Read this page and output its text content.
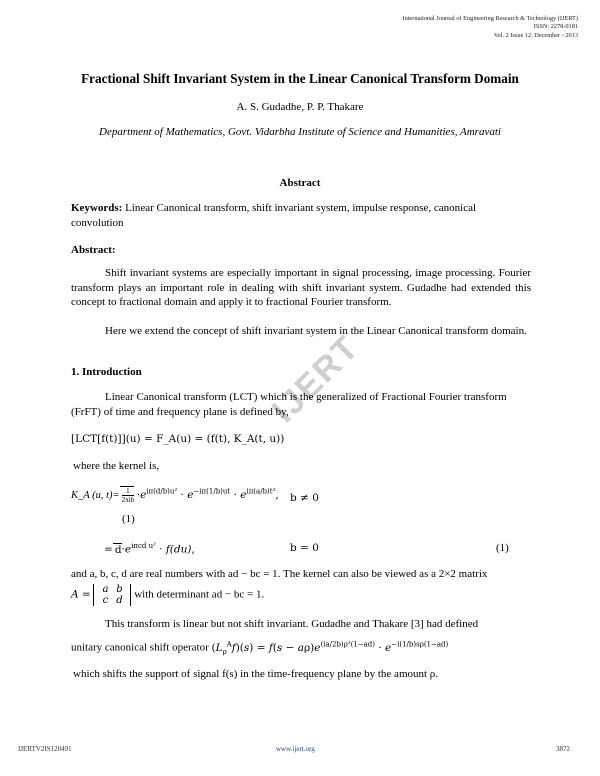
International Journal of Engineering Research & Technology (IJERT)
ISSN: 2278-0181
Vol. 2 Issue 12, December - 2013
IJERT
Fractional Shift Invariant System in the Linear Canonical Transform Domain
A. S. Gudadhe, P. P. Thakare
Department of Mathematics, Govt. Vidarbha Institute of Science and Humanities, Amravati
Abstract
Keywords: Linear Canonical transform, shift invariant system, impulse response, canonical convolution
Abstract:
Shift invariant systems are especially important in signal processing, image processing. Fourier transform plays an important role in dealing with shift invariant system. Gudadhe had extended this concept to fractional domain and apply it to fractional Fourier transform.
Here we extend the concept of shift invariant system in the Linear Canonical transform domain.
1. Introduction
Linear Canonical transform (LCT) which is the generalized of Fractional Fourier transform (FrFT) of time and frequency plane is defined by,
[LCT[f(t)]](u) = F_A(u) = (f(t), K_A(t, u))
where the kernel is,
K_A (u, $t)= \frac{1}{\text{2πib}} \cdot e^{i\pi(d/b)u^2} \cdot e^{-i\pi(1/b)ut} \cdot e^{i\pi(a/b)t^2}$, b ≠ 0
(1)
= $d\cdot e^{i\pi cd u^2} \cdot f(du)$,	b = 0	(1)
and a, b, c, d are real numbers with ad − bc = 1. The kernel can also be viewed as a 2×2 matrix
A = a b
c d with determinant ad − bc = 1.
This transform is linear but not shift invariant. Gudadhe and Thakare [3] had defined
unitary canonical shift operator $(L_\rho^Af)(s) = f(s - a\rho)e^{(ia/2b)\rho^2(1-ad)} \cdot e^{-i(1/b)s\rho(1-ad)}$
which shifts the support of signal f(s) in the time-frequency plane by the amount ρ.
IJERTV2IS120491	www.ijert.org	3872
